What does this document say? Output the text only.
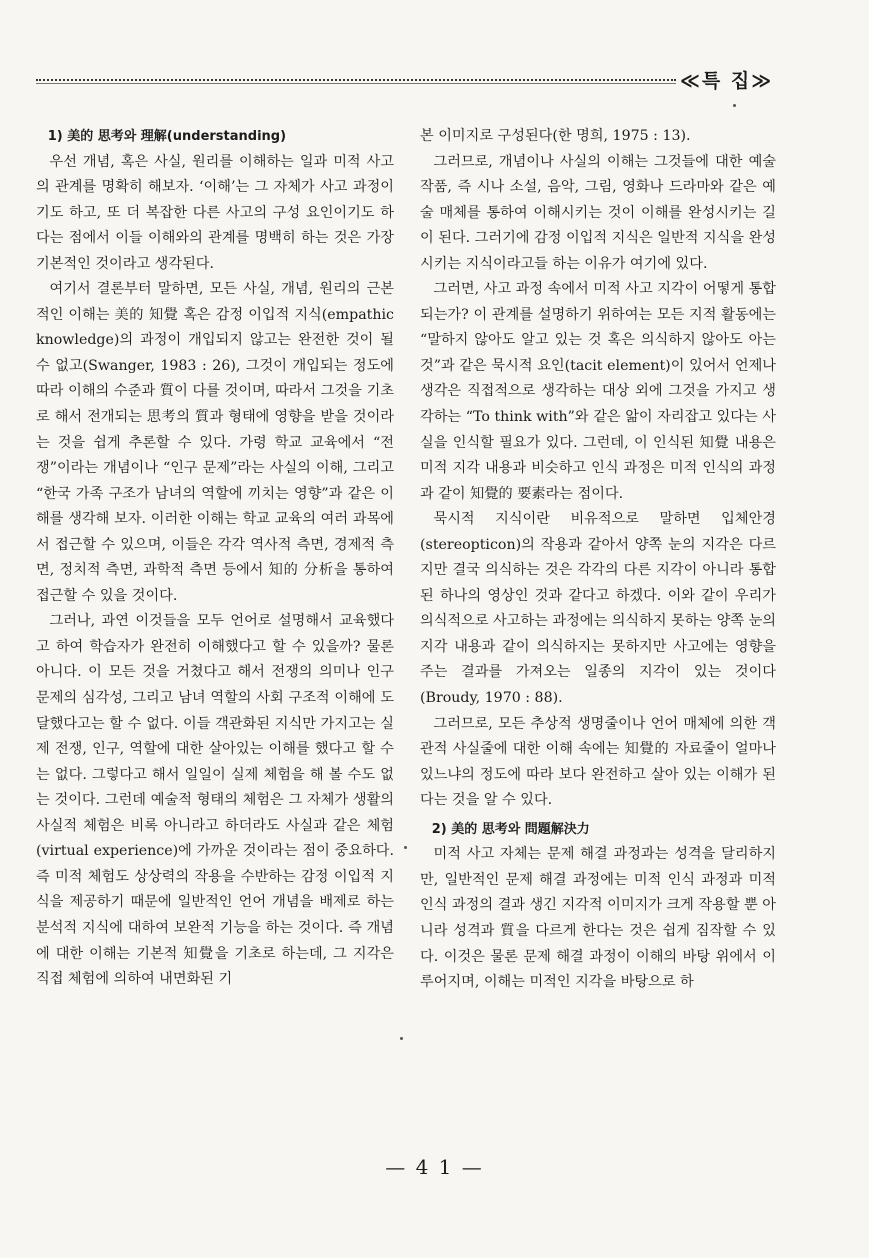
≪특 집≫
1) 美的 思考와 理解(understanding)

우선 개념, 혹은 사실, 원리를 이해하는 일과 미적 사고의 관계를 명확히 해보자. ‘이해’는 그 자체가 사고 과정이기도 하고, 또 더 복잡한 다른 사고의 구성 요인이기도 하다는 점에서 이들 이해와의 관계를 명백히 하는 것은 가장 기본적인 것이라고 생각된다.

여기서 결론부터 말하면, 모든 사실, 개념, 원리의 근본적인 이해는 美的 知覺 혹은 감정 이입적 지식(empathic knowledge)의 과정이 개입되지 않고는 완전한 것이 될 수 없고(Swanger, 1983 : 26), 그것이 개입되는 정도에 따라 이해의 수준과 質이 다를 것이며, 따라서 그것을 기초로 해서 전개되는 思考의 質과 형태에 영향을 받을 것이라는 것을 쉽게 추론할 수 있다. 가령 학교 교육에서 “전쟁”이라는 개념이나 “인구 문제”라는 사실의 이해, 그리고 “한국 가족 구조가 남녀의 역할에 끼치는 영향”과 같은 이해를 생각해 보자. 이러한 이해는 학교 교육의 여러 과목에서 접근할 수 있으며, 이들은 각각 역사적 측면, 경제적 측면, 정치적 측면, 과학적 측면 등에서 知的 分析을 통하여 접근할 수 있을 것이다.

그러나, 과연 이것들을 모두 언어로 설명해서 교육했다고 하여 학습자가 완전히 이해했다고 할 수 있을까? 물론 아니다. 이 모든 것을 거쳤다고 해서 전쟁의 의미나 인구 문제의 심각성, 그리고 남녀 역할의 사회 구조적 이해에 도달했다고는 할 수 없다. 이들 객관화된 지식만 가지고는 실제 전쟁, 인구, 역할에 대한 살아있는 이해를 했다고 할 수는 없다. 그렇다고 해서 일일이 실제 체험을 해 볼 수도 없는 것이다. 그런데 예술적 형태의 체험은 그 자체가 생활의 사실적 체험은 비록 아니라고 하더라도 사실과 같은 체험(virtual experience)에 가까운 것이라는 점이 중요하다. 즉 미적 체험도 상상력의 작용을 수반하는 감정 이입적 지식을 제공하기 때문에 일반적인 언어 개념을 배제로 하는 분석적 지식에 대하여 보완적 기능을 하는 것이다. 즉 개념에 대한 이해는 기본적 知覺을 기초로 하는데, 그 지각은 직접 체험에 의하여 내면화된 기

본 이미지로 구성된다(한 명희, 1975 : 13).

그러므로, 개념이나 사실의 이해는 그것들에 대한 예술 작품, 즉 시나 소설, 음악, 그림, 영화나 드라마와 같은 예술 매체를 통하여 이해시키는 것이 이해를 완성시키는 길이 된다. 그러기에 감정 이입적 지식은 일반적 지식을 완성시키는 지식이라고들 하는 이유가 여기에 있다.

그러면, 사고 과정 속에서 미적 사고 지각이 어떻게 통합되는가? 이 관계를 설명하기 위하여는 모든 지적 활동에는 “말하지 않아도 알고 있는 것 혹은 의식하지 않아도 아는 것”과 같은 묵시적 요인(tacit element)이 있어서 언제나 생각은 직접적으로 생각하는 대상 외에 그것을 가지고 생각하는 “To think with”와 같은 앎이 자리잡고 있다는 사실을 인식할 필요가 있다. 그런데, 이 인식된 知覺 내용은 미적 지각 내용과 비슷하고 인식 과정은 미적 인식의 과정과 같이 知覺的 要素라는 점이다.

묵시적 지식이란 비유적으로 말하면 입체안경(stereopticon)의 작용과 같아서 양쪽 눈의 지각은 다르지만 결국 의식하는 것은 각각의 다른 지각이 아니라 통합된 하나의 영상인 것과 같다고 하겠다. 이와 같이 우리가 의식적으로 사고하는 과정에는 의식하지 못하는 양쪽 눈의 지각 내용과 같이 의식하지는 못하지만 사고에는 영향을 주는 결과를 가져오는 일종의 지각이 있는 것이다(Broudy, 1970 : 88).

그러므로, 모든 추상적 생명줄이나 언어 매체에 의한 객관적 사실줄에 대한 이해 속에는 知覺的 자료줄이 얼마나 있느냐의 정도에 따라 보다 완전하고 살아 있는 이해가 된다는 것을 알 수 있다.

2) 美的 思考와 問題解決力

미적 사고 자체는 문제 해결 과정과는 성격을 달리하지만, 일반적인 문제 해결 과정에는 미적 인식 과정과 미적 인식 과정의 결과 생긴 지각적 이미지가 크게 작용할 뿐 아니라 성격과 質을 다르게 한다는 것은 쉽게 짐작할 수 있다. 이것은 물론 문제 해결 과정이 이해의 바탕 위에서 이루어지며, 이해는 미적인 지각을 바탕으로 하

— 4 1 —
